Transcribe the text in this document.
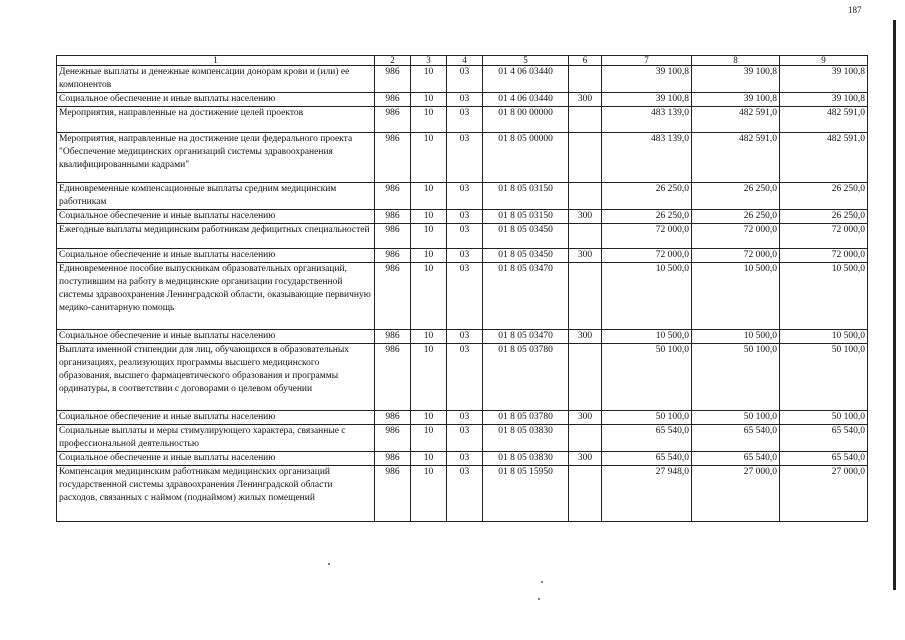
187
1	2	3	4	5	6	7	8	9
Денежные выплаты и денежные компенсации донорам крови и (или) ее компонентов	986	10	03	01 4 06 03440		39 100,8	39 100,8	39 100,8
Социальное обеспечение и иные выплаты населению	986	10	03	01 4 06 03440	300	39 100,8	39 100,8	39 100,8
Мероприятия, направленные на достижение целей проектов	986	10	03	01 8 00 00000		483 139,0	482 591,0	482 591,0
Мероприятия, направленные на достижение цели федерального проекта "Обеспечение медицинских организаций системы здравоохранения квалифицированными кадрами"	986	10	03	01 8 05 00000		483 139,0	482 591,0	482 591,0
Единовременные компенсационные выплаты средним медицинским работникам	986	10	03	01 8 05 03150		26 250,0	26 250,0	26 250,0
Социальное обеспечение и иные выплаты населению	986	10	03	01 8 05 03150	300	26 250,0	26 250,0	26 250,0
Ежегодные выплаты медицинским работникам дефицитных специальностей	986	10	03	01 8 05 03450		72 000,0	72 000,0	72 000,0
Социальное обеспечение и иные выплаты населению	986	10	03	01 8 05 03450	300	72 000,0	72 000,0	72 000,0
Единовременное пособие выпускникам образовательных организаций, поступившим на работу в медицинские организации государственной системы здравоохранения Ленинградской области, оказывающие первичную медико-санитарную помощь	986	10	03	01 8 05 03470		10 500,0	10 500,0	10 500,0
Социальное обеспечение и иные выплаты населению	986	10	03	01 8 05 03470	300	10 500,0	10 500,0	10 500,0
Выплата именной стипендии для лиц, обучающихся в образовательных организациях, реализующих программы высшего медицинского образования, высшего фармацевтического образования и программы ординатуры, в соответствии с договорами о целевом обучении	986	10	03	01 8 05 03780		50 100,0	50 100,0	50 100,0
Социальное обеспечение и иные выплаты населению	986	10	03	01 8 05 03780	300	50 100,0	50 100,0	50 100,0
Социальные выплаты и меры стимулирующего характера, связанные с профессиональной деятельностью	986	10	03	01 8 05 03830		65 540,0	65 540,0	65 540,0
Социальное обеспечение и иные выплаты населению	986	10	03	01 8 05 03830	300	65 540,0	65 540,0	65 540,0
Компенсация медицинским работникам медицинских организаций государственной системы здравоохранения Ленинградской области расходов, связанных с наймом (поднаймом) жилых помещений	986	10	03	01 8 05 15950		27 948,0	27 000,0	27 000,0
